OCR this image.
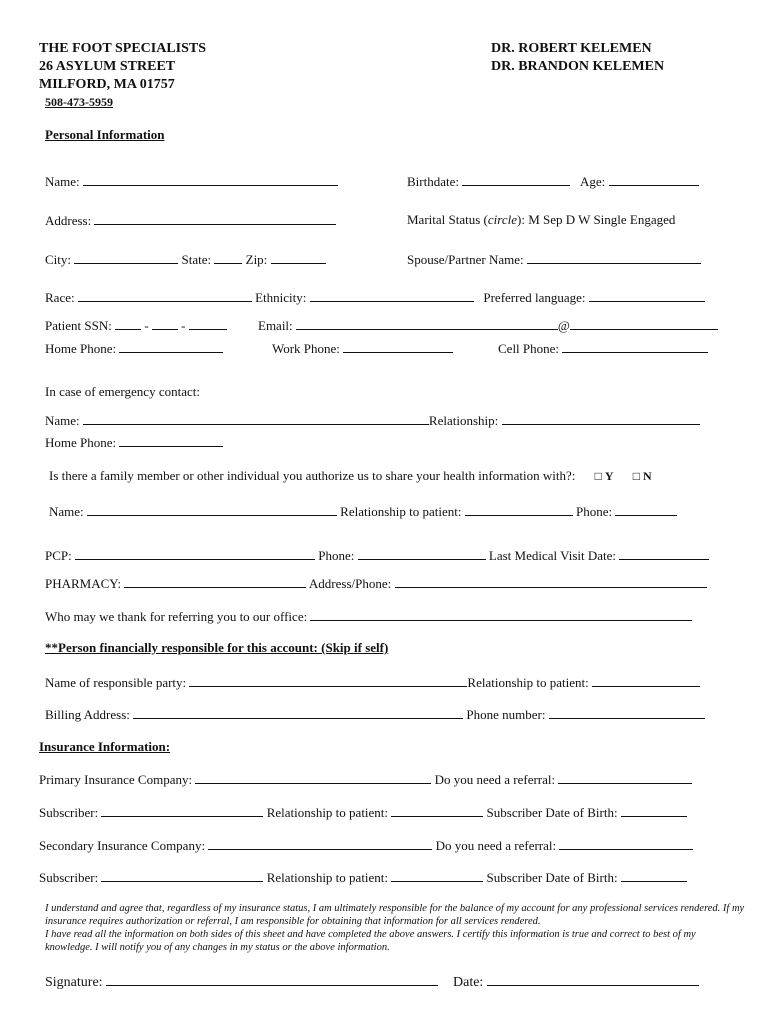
THE FOOT SPECIALISTS
26 ASYLUM STREET
MILFORD, MA 01757
508-473-5959
DR. ROBERT KELEMEN
DR. BRANDON KELEMEN
Personal Information
Name:	Birthdate:	Age:
Address:	Marital Status (circle): M Sep D W Single Engaged
City:	State:	Zip:	Spouse/Partner Name:
Race:	Ethnicity:	Preferred language:
Patient SSN:  -  -	Email:	@
Home Phone:	Work Phone:	Cell Phone:
In case of emergency contact:
Name:	Relationship:
Home Phone:
Is there a family member or other individual you authorize us to share your health information with?: □ Y □ N
Name:	Relationship to patient:	Phone:
PCP:	Phone:	Last Medical Visit Date:
PHARMACY:	Address/Phone:
Who may we thank for referring you to our office:
**Person financially responsible for this account: (Skip if self)
Name of responsible party:	Relationship to patient:
Billing Address:	Phone number:
Insurance Information:
Primary Insurance Company:	Do you need a referral:
Subscriber:	Relationship to patient:	Subscriber Date of Birth:
Secondary Insurance Company:	Do you need a referral:
Subscriber:	Relationship to patient:	Subscriber Date of Birth:
I understand and agree that, regardless of my insurance status, I am ultimately responsible for the balance of my account for any professional services rendered. If my insurance requires authorization or referral, I am responsible for obtaining that information for all services rendered.
I have read all the information on both sides of this sheet and have completed the above answers. I certify this information is true and correct to best of my knowledge. I will notify you of any changes in my status or the above information.
Signature:	Date:
